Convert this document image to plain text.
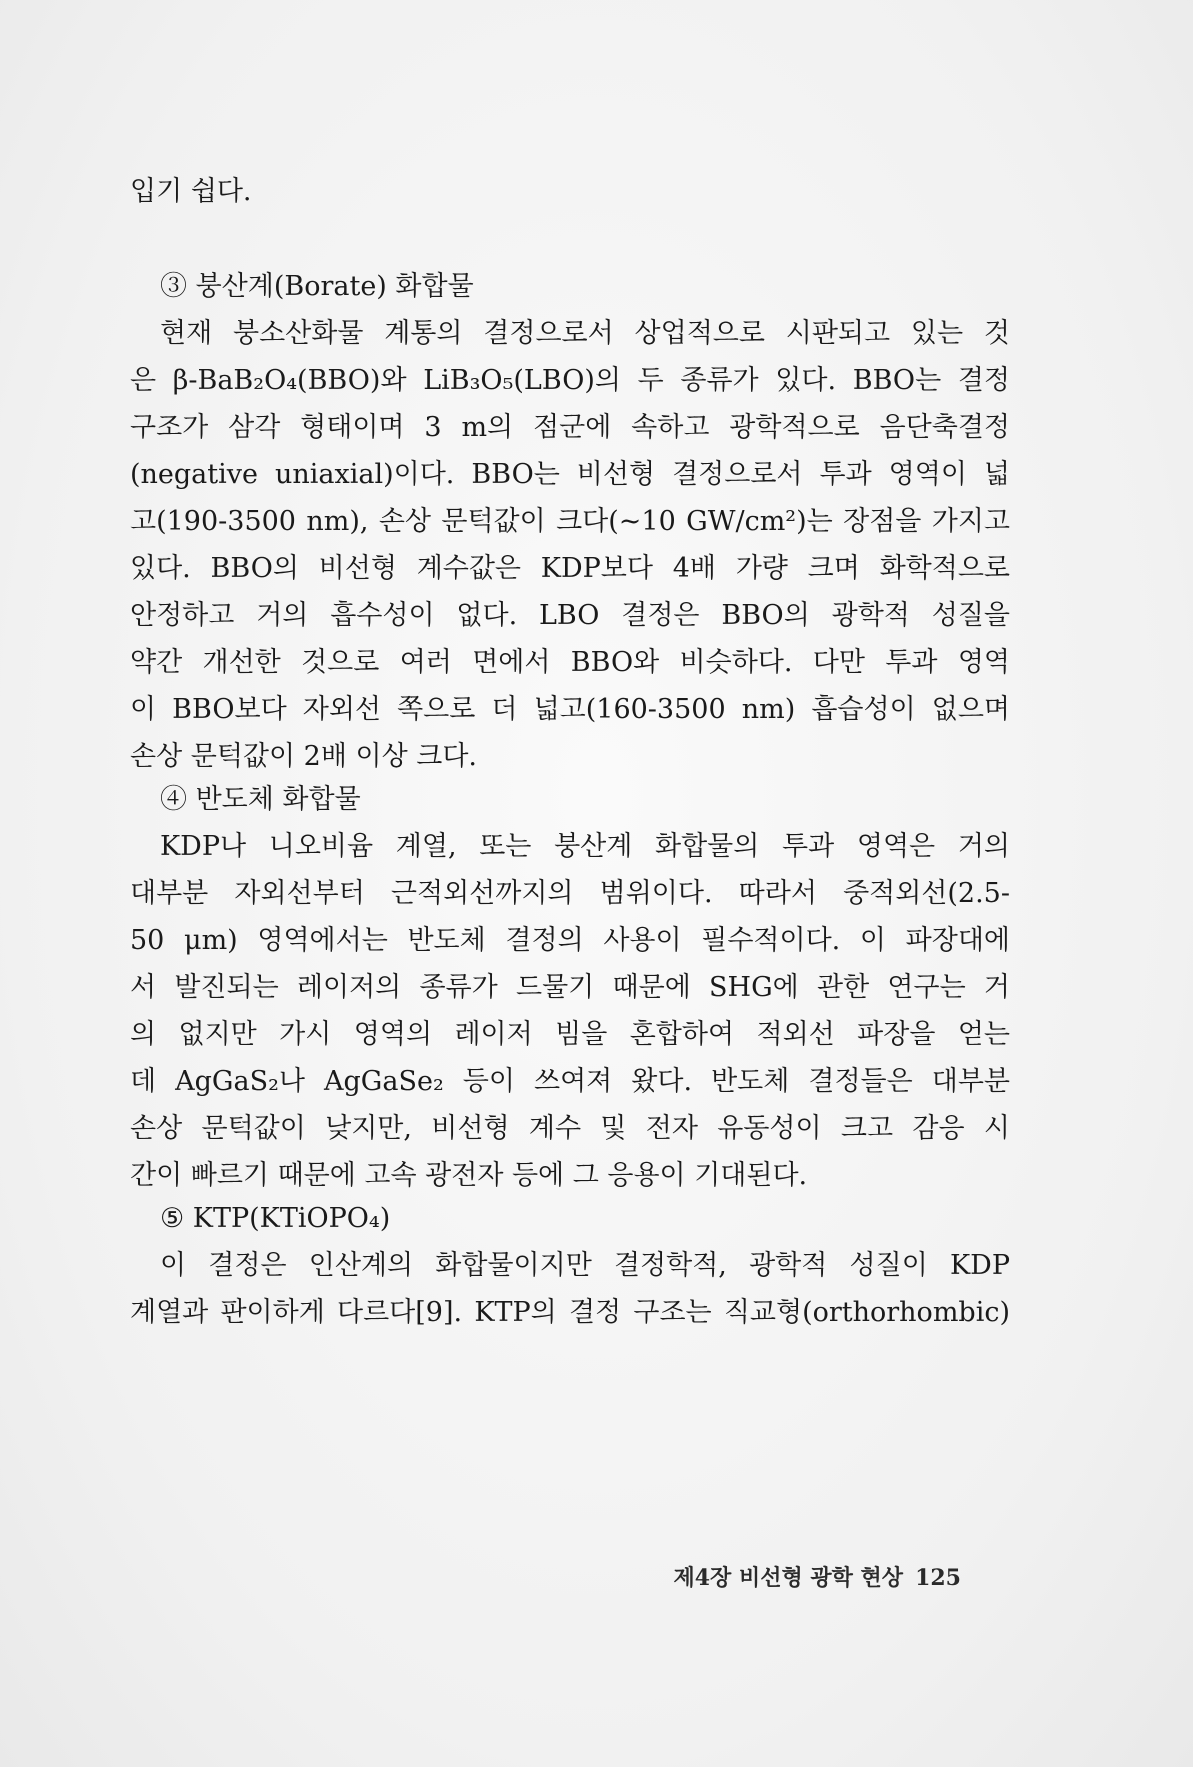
입기 쉽다.
③ 붕산계(Borate) 화합물
현재 붕소산화물 계통의 결정으로서 상업적으로 시판되고 있는 것
은 β-BaB₂O₄(BBO)와 LiB₃O₅(LBO)의 두 종류가 있다. BBO는 결정
구조가 삼각 형태이며 3 m의 점군에 속하고 광학적으로 음단축결정
(negative uniaxial)이다. BBO는 비선형 결정으로서 투과 영역이 넓
고(190-3500 nm), 손상 문턱값이 크다(~10 GW/cm²)는 장점을 가지고
있다. BBO의 비선형 계수값은 KDP보다 4배 가량 크며 화학적으로
안정하고 거의 흡수성이 없다. LBO 결정은 BBO의 광학적 성질을
약간 개선한 것으로 여러 면에서 BBO와 비슷하다. 다만 투과 영역
이 BBO보다 자외선 쪽으로 더 넓고(160-3500 nm) 흡습성이 없으며
손상 문턱값이 2배 이상 크다.
④ 반도체 화합물
KDP나 니오비윰 계열, 또는 붕산계 화합물의 투과 영역은 거의
대부분 자외선부터 근적외선까지의 범위이다. 따라서 중적외선(2.5-
50 μm) 영역에서는 반도체 결정의 사용이 필수적이다. 이 파장대에
서 발진되는 레이저의 종류가 드물기 때문에 SHG에 관한 연구는 거
의 없지만 가시 영역의 레이저 빔을 혼합하여 적외선 파장을 얻는
데 AgGaS₂나 AgGaSe₂ 등이 쓰여져 왔다. 반도체 결정들은 대부분
손상 문턱값이 낮지만, 비선형 계수 및 전자 유동성이 크고 감응 시
간이 빠르기 때문에 고속 광전자 등에 그 응용이 기대된다.
⑤ KTP(KTiOPO₄)
이 결정은 인산계의 화합물이지만 결정학적, 광학적 성질이 KDP
계열과 판이하게 다르다[9]. KTP의 결정 구조는 직교형(orthorhombic)
제4장 비선형 광학 현상 125
